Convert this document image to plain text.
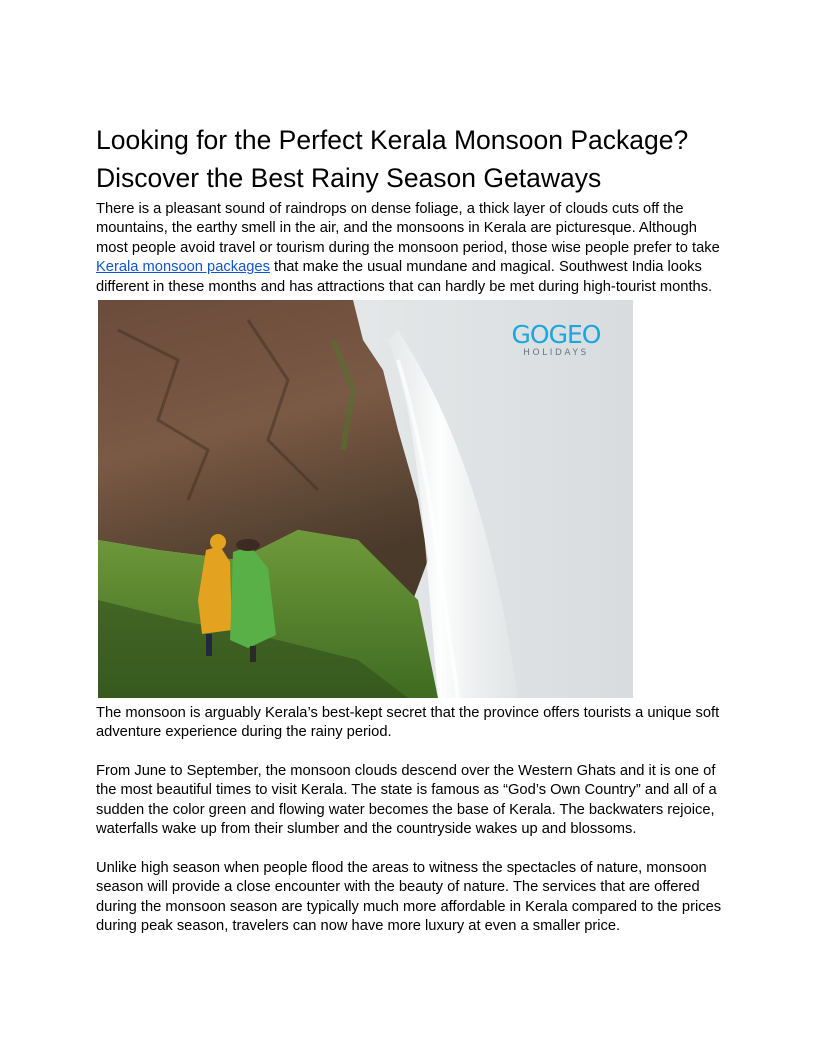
Looking for the Perfect Kerala Monsoon Package?
Discover the Best Rainy Season Getaways

There is a pleasant sound of raindrops on dense foliage, a thick layer of clouds cuts off the
mountains, the earthy smell in the air, and the monsoons in Kerala are picturesque. Although
most people avoid travel or tourism during the monsoon period, those wise people prefer to take
Kerala monsoon packages that make the usual mundane and magical. Southwest India looks
different in these months and has attractions that can hardly be met during high-tourist months.

GOGEO
HOLIDAYS

The monsoon is arguably Kerala’s best-kept secret that the province offers tourists a unique soft
adventure experience during the rainy period.

From June to September, the monsoon clouds descend over the Western Ghats and it is one of
the most beautiful times to visit Kerala. The state is famous as “God’s Own Country” and all of a
sudden the color green and flowing water becomes the base of Kerala. The backwaters rejoice,
waterfalls wake up from their slumber and the countryside wakes up and blossoms.

Unlike high season when people flood the areas to witness the spectacles of nature, monsoon
season will provide a close encounter with the beauty of nature. The services that are offered
during the monsoon season are typically much more affordable in Kerala compared to the prices
during peak season, travelers can now have more luxury at even a smaller price.
